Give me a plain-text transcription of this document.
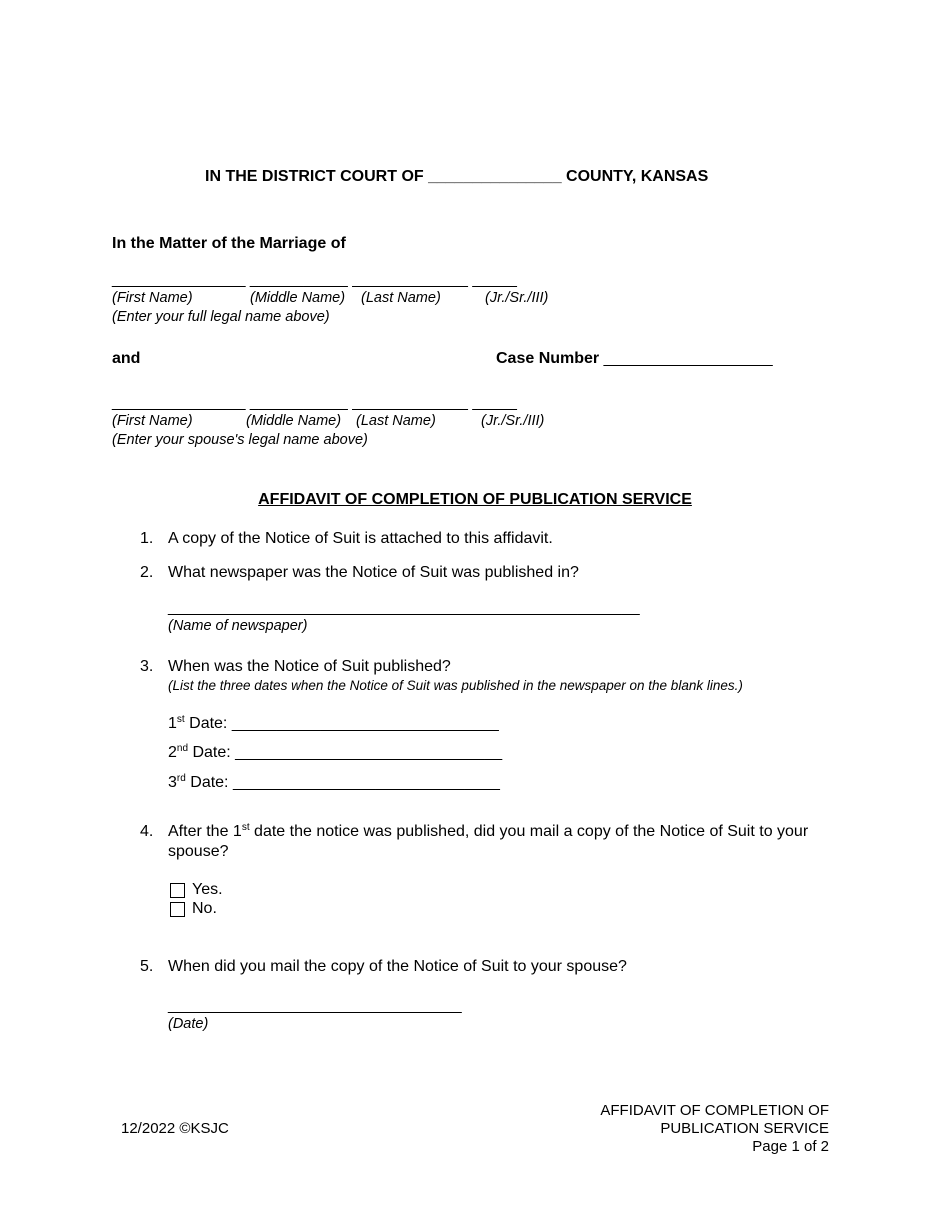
IN THE DISTRICT COURT OF _______________ COUNTY, KANSAS
In the Matter of the Marriage of
_______________ ___________ _____________ _____
(First Name)	(Middle Name) (Last Name)	(Jr./Sr./III)
(Enter your full legal name above)
and	Case Number ___________________
_______________ ___________ _____________ _____
(First Name)	(Middle Name) (Last Name)	(Jr./Sr./III)
(Enter your spouse's legal name above)
AFFIDAVIT OF COMPLETION OF PUBLICATION SERVICE
1. A copy of the Notice of Suit is attached to this affidavit.
2. What newspaper was the Notice of Suit was published in?
_____________________________________________________
(Name of newspaper)
3. When was the Notice of Suit published?
(List the three dates when the Notice of Suit was published in the newspaper on the blank lines.)
1st Date: ______________________________
2nd Date: ______________________________
3rd Date: ______________________________
4. After the 1st date the notice was published, did you mail a copy of the Notice of Suit to your
spouse?
Yes.
No.
5. When did you mail the copy of the Notice of Suit to your spouse?
_________________________________
(Date)
12/2022 ©KSJC
AFFIDAVIT OF COMPLETION OF
PUBLICATION SERVICE
Page 1 of 2
